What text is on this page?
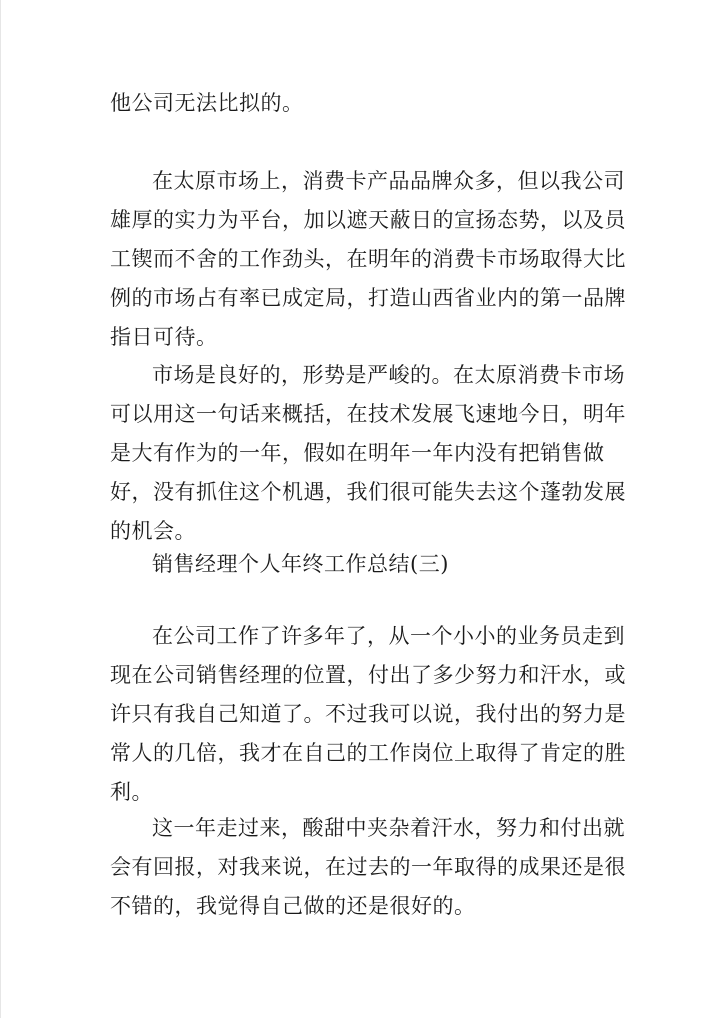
他公司无法比拟的。

在太原市场上，消费卡产品品牌众多，但以我公司雄厚的实力为平台，加以遮天蔽日的宣扬态势，以及员工锲而不舍的工作劲头，在明年的消费卡市场取得大比例的市场占有率已成定局，打造山西省业内的第一品牌指日可待。

市场是良好的，形势是严峻的。在太原消费卡市场可以用这一句话来概括，在技术发展飞速地今日，明年是大有作为的一年，假如在明年一年内没有把销售做好，没有抓住这个机遇，我们很可能失去这个蓬勃发展的机会。

销售经理个人年终工作总结(三)

在公司工作了许多年了，从一个小小的业务员走到现在公司销售经理的位置，付出了多少努力和汗水，或许只有我自己知道了。不过我可以说，我付出的努力是常人的几倍，我才在自己的工作岗位上取得了肯定的胜利。

这一年走过来，酸甜中夹杂着汗水，努力和付出就会有回报，对我来说，在过去的一年取得的成果还是很不错的，我觉得自己做的还是很好的。
